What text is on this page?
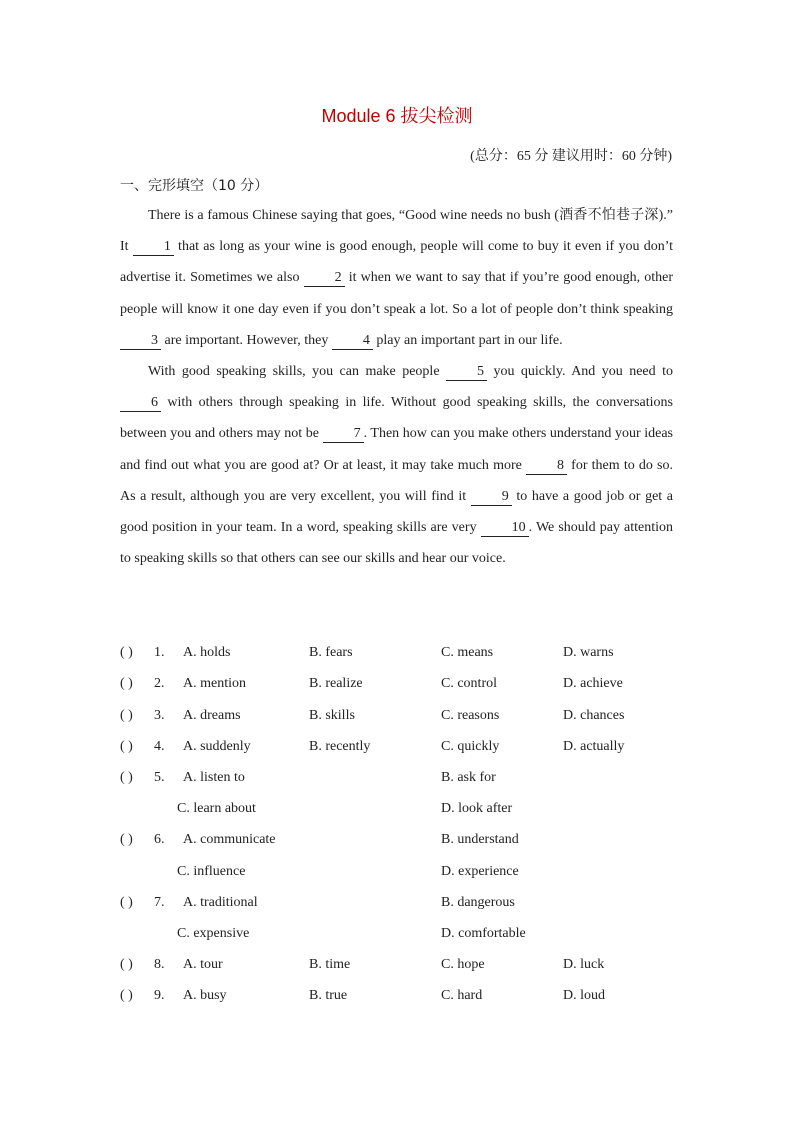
Module 6 拔尖检测
(总分：65 分 建议用时：60 分钟)
一、完形填空（10 分）

There is a famous Chinese saying that goes, “Good wine needs no bush (酒香不怕巷子深).” It 1 that as long as your wine is good enough, people will come to buy it even if you don’t advertise it. Sometimes we also 2 it when we want to say that if you’re good enough, other people will know it one day even if you don’t speak a lot. So a lot of people don’t think speaking 3 are important. However, they 4 play an important part in our life.

With good speaking skills, you can make people 5 you quickly. And you need to 6 with others through speaking in life. Without good speaking skills, the conversations between you and others may not be 7 . Then how can you make others understand your ideas and find out what you are good at? Or at least, it may take much more 8 for them to do so. As a result, although you are very excellent, you will find it 9 to have a good job or get a good position in your team. In a word, speaking skills are very 10 . We should pay attention to speaking skills so that others can see our skills and hear our voice.

( ) 1. A. holds	B. fears	C. means	D. warns
( ) 2. A. mention	B. realize	C. control	D. achieve
( ) 3. A. dreams	B. skills	C. reasons	D. chances
( ) 4. A. suddenly	B. recently	C. quickly	D. actually
( ) 5. A. listen to	B. ask for
C. learn about	D. look after
( ) 6. A. communicate	B. understand
C. influence	D. experience
( ) 7. A. traditional	B. dangerous
C. expensive	D. comfortable
( ) 8. A. tour	B. time	C. hope	D. luck
( ) 9. A. busy	B. true	C. hard	D. loud
